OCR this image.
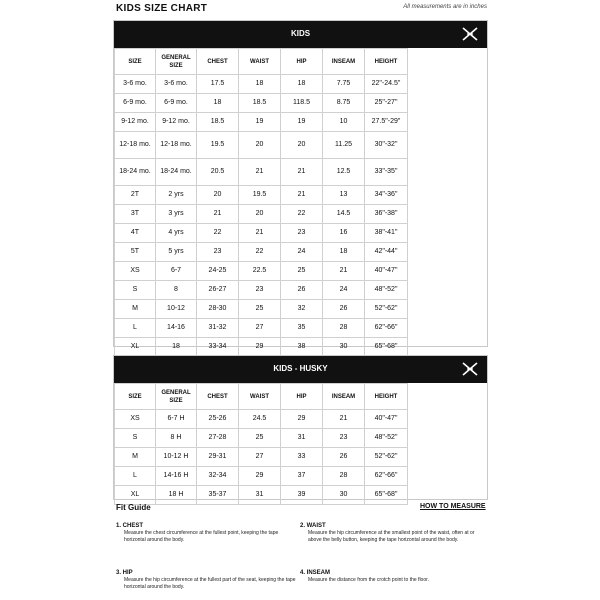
KIDS SIZE CHART	All measurements are in inches
KIDS
SIZE	GENERAL SIZE	CHEST	WAIST	HIP	INSEAM	HEIGHT
3-6 mo.	3-6 mo.	17.5	18	18	7.75	22"-24.5"
6-9 mo.	6-9 mo.	18	18.5	118.5	8.75	25"-27"
9-12 mo.	9-12 mo.	18.5	19	19	10	27.5"-29"
12-18 mo.	12-18 mo.	19.5	20	20	11.25	30"-32"
18-24 mo.	18-24 mo.	20.5	21	21	12.5	33"-35"
2T	2 yrs	20	19.5	21	13	34"-36"
3T	3 yrs	21	20	22	14.5	36"-38"
4T	4 yrs	22	21	23	16	38"-41"
5T	5 yrs	23	22	24	18	42"-44"
XS	6-7	24-25	22.5	25	21	40"-47"
S	8	26-27	23	26	24	48"-52"
M	10-12	28-30	25	32	26	52"-62"
L	14-16	31-32	27	35	28	62"-66"
XL	18	33-34	29	38	30	65"-68"
KIDS - HUSKY
SIZE	GENERAL SIZE	CHEST	WAIST	HIP	INSEAM	HEIGHT
XS	6-7 H	25-26	24.5	29	21	40"-47"
S	8 H	27-28	25	31	23	48"-52"
M	10-12 H	29-31	27	33	26	52"-62"
L	14-16 H	32-34	29	37	28	62"-66"
XL	18 H	35-37	31	39	30	65"-68"
Fit Guide	HOW TO MEASURE
1. CHEST
Measure the chest circumference at the fullest point, keeping the tape horizontal around the body.
2. WAIST
Measure the hip circumference at the smallest point of the waist, often at or above the belly button, keeping the tape horizontal around the body.
3. HIP
Measure the hip circumference at the fullest part of the seat, keeping the tape horizontal around the body.
4. INSEAM
Measure the distance from the crotch point to the floor.
